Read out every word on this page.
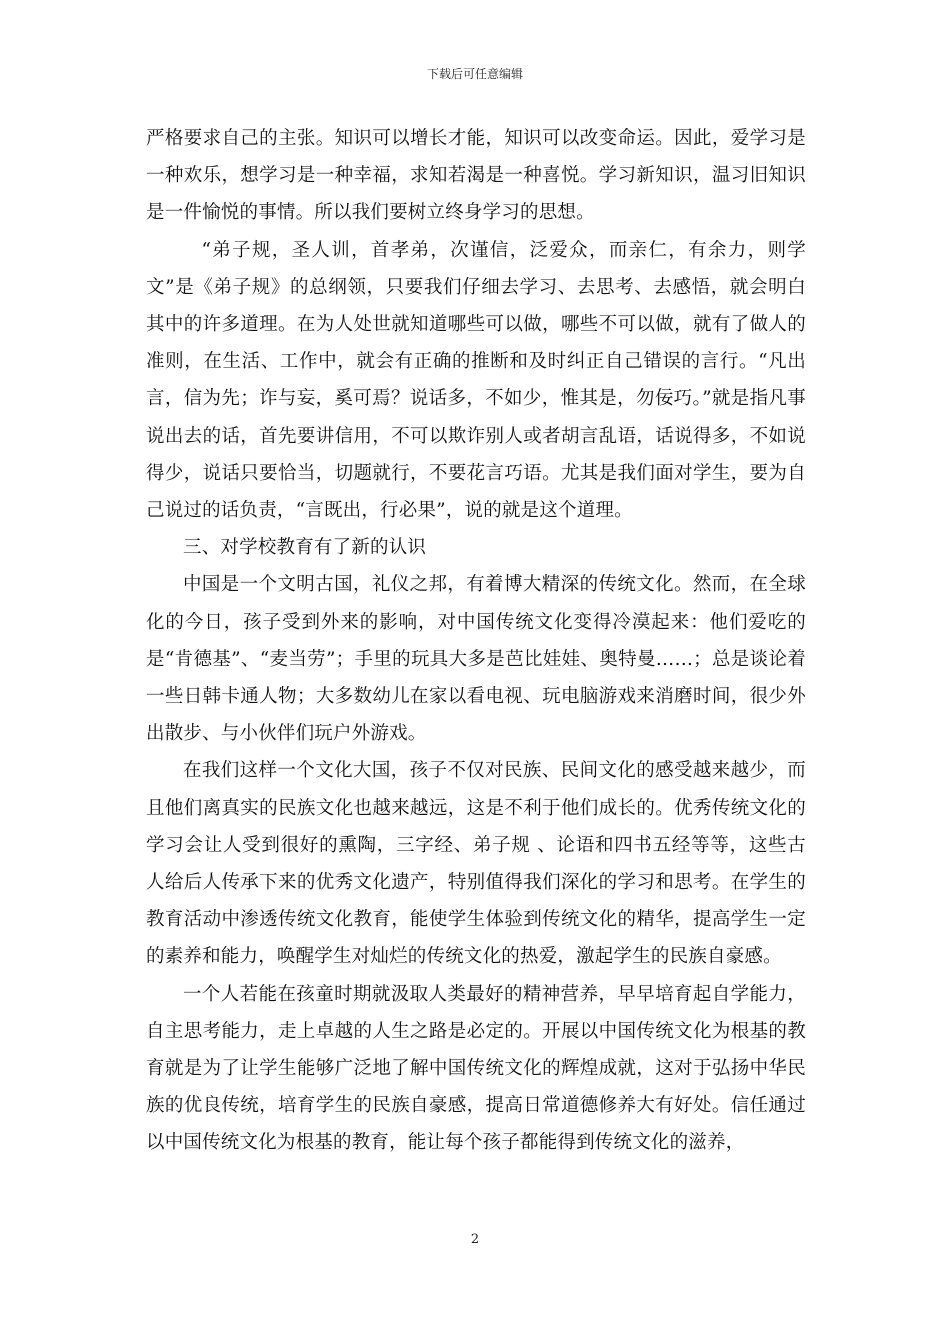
下载后可任意编辑

严格要求自己的主张。知识可以增长才能，知识可以改变命运。因此，爱学习是一种欢乐，想学习是一种幸福，求知若渴是一种喜悦。学习新知识，温习旧知识是一件愉悦的事情。所以我们要树立终身学习的思想。

“弟子规，圣人训，首孝弟，次谨信，泛爱众，而亲仁，有余力，则学文”是《弟子规》的总纲领，只要我们仔细去学习、去思考、去感悟，就会明白其中的许多道理。在为人处世就知道哪些可以做，哪些不可以做，就有了做人的准则，在生活、工作中，就会有正确的推断和及时纠正自己错误的言行。“凡出言，信为先；诈与妄，奚可焉？说话多，不如少，惟其是，勿佞巧。”就是指凡事说出去的话，首先要讲信用，不可以欺诈别人或者胡言乱语，话说得多，不如说得少，说话只要恰当，切题就行，不要花言巧语。尤其是我们面对学生，要为自己说过的话负责，“言既出，行必果”，说的就是这个道理。

三、对学校教育有了新的认识

中国是一个文明古国，礼仪之邦，有着博大精深的传统文化。然而，在全球化的今日，孩子受到外来的影响，对中国传统文化变得冷漠起来：他们爱吃的是“肯德基”、“麦当劳”；手里的玩具大多是芭比娃娃、奥特曼……；总是谈论着一些日韩卡通人物；大多数幼儿在家以看电视、玩电脑游戏来消磨时间，很少外出散步、与小伙伴们玩户外游戏。

在我们这样一个文化大国，孩子不仅对民族、民间文化的感受越来越少，而且他们离真实的民族文化也越来越远，这是不利于他们成长的。优秀传统文化的学习会让人受到很好的熏陶，三字经、弟子规 、论语和四书五经等等，这些古人给后人传承下来的优秀文化遗产，特别值得我们深化的学习和思考。在学生的教育活动中渗透传统文化教育，能使学生体验到传统文化的精华，提高学生一定的素养和能力，唤醒学生对灿烂的传统文化的热爱，激起学生的民族自豪感。

一个人若能在孩童时期就汲取人类最好的精神营养，早早培育起自学能力，自主思考能力，走上卓越的人生之路是必定的。开展以中国传统文化为根基的教育就是为了让学生能够广泛地了解中国传统文化的辉煌成就，这对于弘扬中华民族的优良传统，培育学生的民族自豪感，提高日常道德修养大有好处。信任通过以中国传统文化为根基的教育，能让每个孩子都能得到传统文化的滋养，

2
